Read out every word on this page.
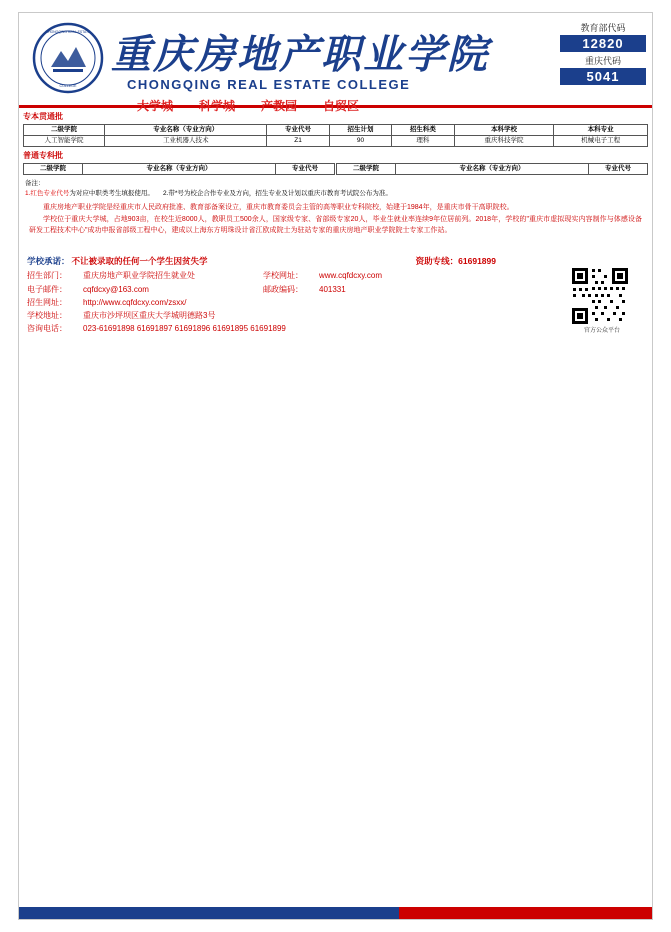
CHONGQING REAL ESTATE
COLLEGE
重庆房地产职业学院
CHONGQING REAL ESTATE COLLEGE
大学城 科学城 产教园 自贸区
教育部代码
12820
重庆代码
5041
专本贯通批
二级学院	专业名称（专业方向）	专业代号	招生计划	招生科类	本科学校	本科专业
人工智能学院	工业机器人技术	Z1	90	理科	重庆科技学院	机械电子工程
普通专科批
二级学院	专业名称（专业方向）	专业代号	二级学院	专业名称（专业方向）	专业代号
备注：
1.红色专业代号为对应中职类考生填报使用。 2.带*号为校企合作专业及方向，招生专业及计划以重庆市教育考试院公布为准。

重庆房地产职业学院是经重庆市人民政府批准、教育部备案设立，重庆市教育委员会主管的高等职业专科院校，始建于1984年，是重庆市骨干高职院校。

学校位于重庆大学城，占地903亩，在校生近8000人，教职员工500余人，国家级专家、省部级专家20人，毕业生就业率连续9年位居前列。2018年，学校的"重庆市虚拟现实内容制作与体感设备研发工程技术中心"成功申报省部级工程中心，建成以上海东方明珠设计省江欧成院士为驻站专家的重庆房地产职业学院院士专家工作站。

学校承诺： 不让被录取的任何一个学生因贫失学	资助专线：61691899
招生部门：	重庆房地产职业学院招生就业处	学校网址：	www.cqfdcxy.com
电子邮件：	cqfdcxy@163.com	邮政编码：	401331
招生网址：	http://www.cqfdcxy.com/zsxx/
学校地址：	重庆市沙坪坝区重庆大学城明德路3号
咨询电话：	023-61691898 61691897 61691896 61691895 61691899	官方公众平台
